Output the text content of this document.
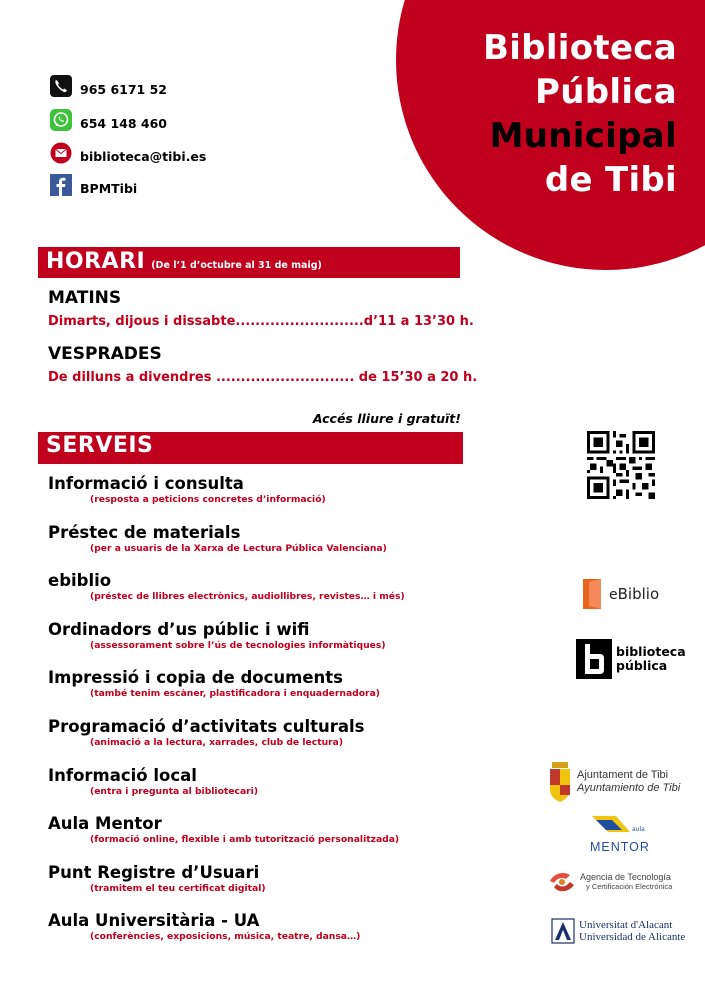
Biblioteca
Pública
Municipal
de Tibi
965 6171 52
654 148 460
biblioteca@tibi.es
BPMTibi
HORARI (De l’1 d’octubre al 31 de maig)
MATINS
Dimarts, dijous i dissabte..........................d’11 a 13’30 h.
VESPRADES
De dilluns a divendres ............................ de 15’30 a 20 h.
Accés lliure i gratuït!
SERVEIS
Informació i consulta
(resposta a peticions concretes d’informació)
Préstec de materials
(per a usuaris de la Xarxa de Lectura Pública Valenciana)
ebiblio
(préstec de llibres electrònics, audiollibres, revistes… i més)
Ordinadors d’us públic i wifi
(assessorament sobre l’ús de tecnologies informàtiques)
Impressió i copia de documents
(també tenim escàner, plastificadora i enquadernadora)
Programació d’activitats culturals
(animació a la lectura, xarrades, club de lectura)
Informació local
(entra i pregunta al bibliotecari)
Aula Mentor
(formació online, flexible i amb tutorització personalitzada)
Punt Registre d’Usuari
(tramitem el teu certificat digital)
Aula Universitària - UA
(conferències, exposicions, música, teatre, dansa…)
eBiblio
biblioteca
pública
Ajuntament de Tibi
Ayuntamiento de Tibi
aula
MENTOR
Agencia de Tecnología
y Certificación Electrónica
Universitat d'Alacant
Universidad de Alicante
